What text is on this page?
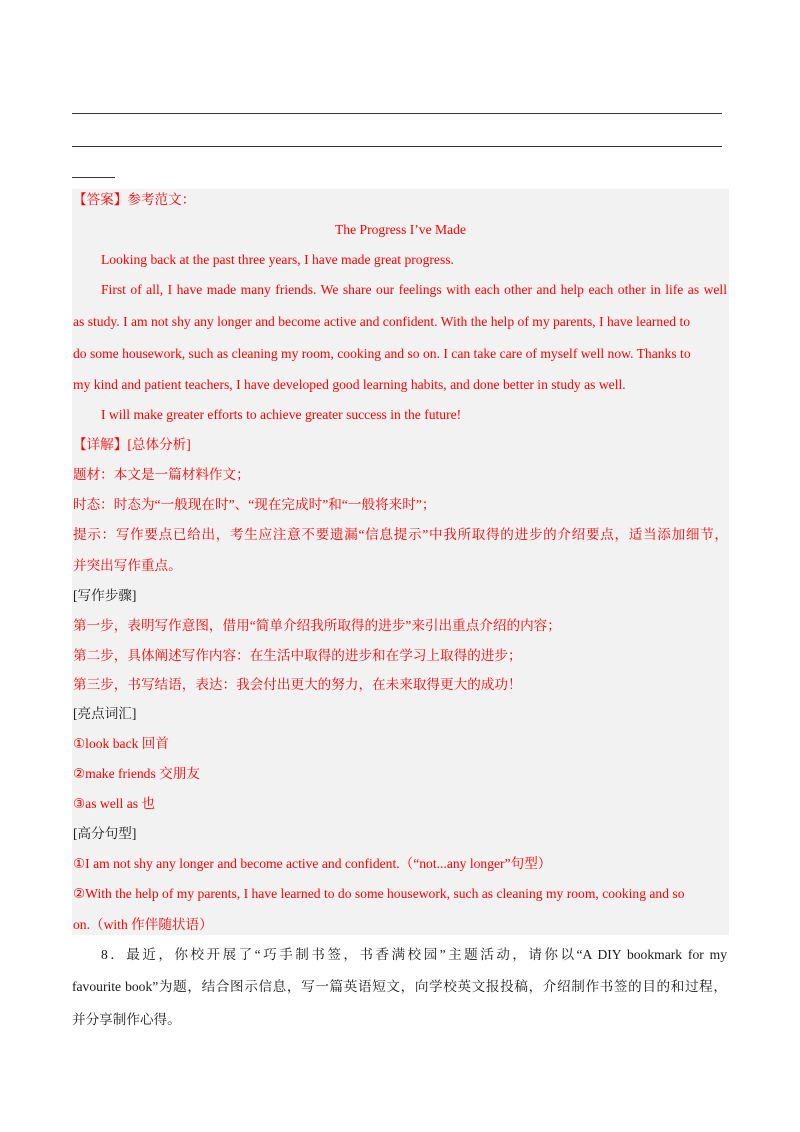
【答案】参考范文：
The Progress I’ve Made
Looking back at the past three years, I have made great progress.
First of all, I have made many friends. We share our feelings with each other and help each other in life as well
as study. I am not shy any longer and become active and confident. With the help of my parents, I have learned to
do some housework, such as cleaning my room, cooking and so on. I can take care of myself well now. Thanks to
my kind and patient teachers, I have developed good learning habits, and done better in study as well.
I will make greater efforts to achieve greater success in the future!
【详解】[总体分析]
题材：本文是一篇材料作文；
时态：时态为“一般现在时”、“现在完成时”和“一般将来时”；
提示：写作要点已给出，考生应注意不要遗漏“信息提示”中我所取得的进步的介绍要点，适当添加细节，
并突出写作重点。
[写作步骤]
第一步，表明写作意图，借用“简单介绍我所取得的进步”来引出重点介绍的内容；
第二步，具体阐述写作内容：在生活中取得的进步和在学习上取得的进步；
第三步，书写结语，表达：我会付出更大的努力，在未来取得更大的成功！
[亮点词汇]
①look back 回首
②make friends 交朋友
③as well as 也
[高分句型]
①I am not shy any longer and become active and confident.（“not...any longer”句型）
②With the help of my parents, I have learned to do some housework, such as cleaning my room, cooking and so
on.（with 作伴随状语）
8．最近，你校开展了“巧手制书签，书香满校园”主题活动，请你以“A DIY bookmark for my
favourite book”为题，结合图示信息，写一篇英语短文，向学校英文报投稿，介绍制作书签的目的和过程，
并分享制作心得。
